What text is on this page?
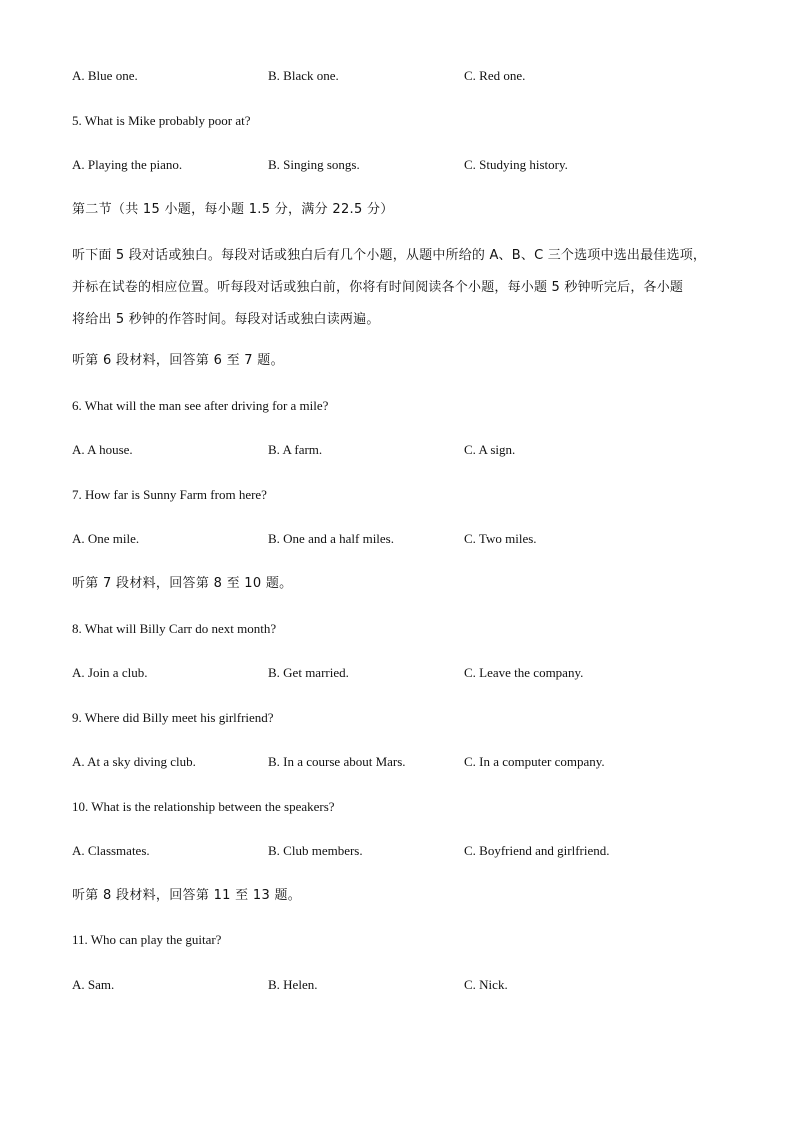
A. Blue one.	B. Black one.	C. Red one.
5. What is Mike probably poor at?
A. Playing the piano.	B. Singing songs.	C. Studying history.
第二节（共 15 小题，每小题 1.5 分，满分 22.5 分）
听下面 5 段对话或独白。每段对话或独白后有几个小题，从题中所给的 A、B、C 三个选项中选出最佳选项，
并标在试卷的相应位置。听每段对话或独白前，你将有时间阅读各个小题，每小题 5 秒钟听完后，各小题
将给出 5 秒钟的作答时间。每段对话或独白读两遍。
听第 6 段材料，回答第 6 至 7 题。
6. What will the man see after driving for a mile?
A. A house.	B. A farm.	C. A sign.
7. How far is Sunny Farm from here?
A. One mile.	B. One and a half miles.	C. Two miles.
听第 7 段材料，回答第 8 至 10 题。
8. What will Billy Carr do next month?
A. Join a club.	B. Get married.	C. Leave the company.
9. Where did Billy meet his girlfriend?
A. At a sky diving club.	B. In a course about Mars.	C. In a computer company.
10. What is the relationship between the speakers?
A. Classmates.	B. Club members.	C. Boyfriend and girlfriend.
听第 8 段材料，回答第 11 至 13 题。
11. Who can play the guitar?
A. Sam.	B. Helen.	C. Nick.
